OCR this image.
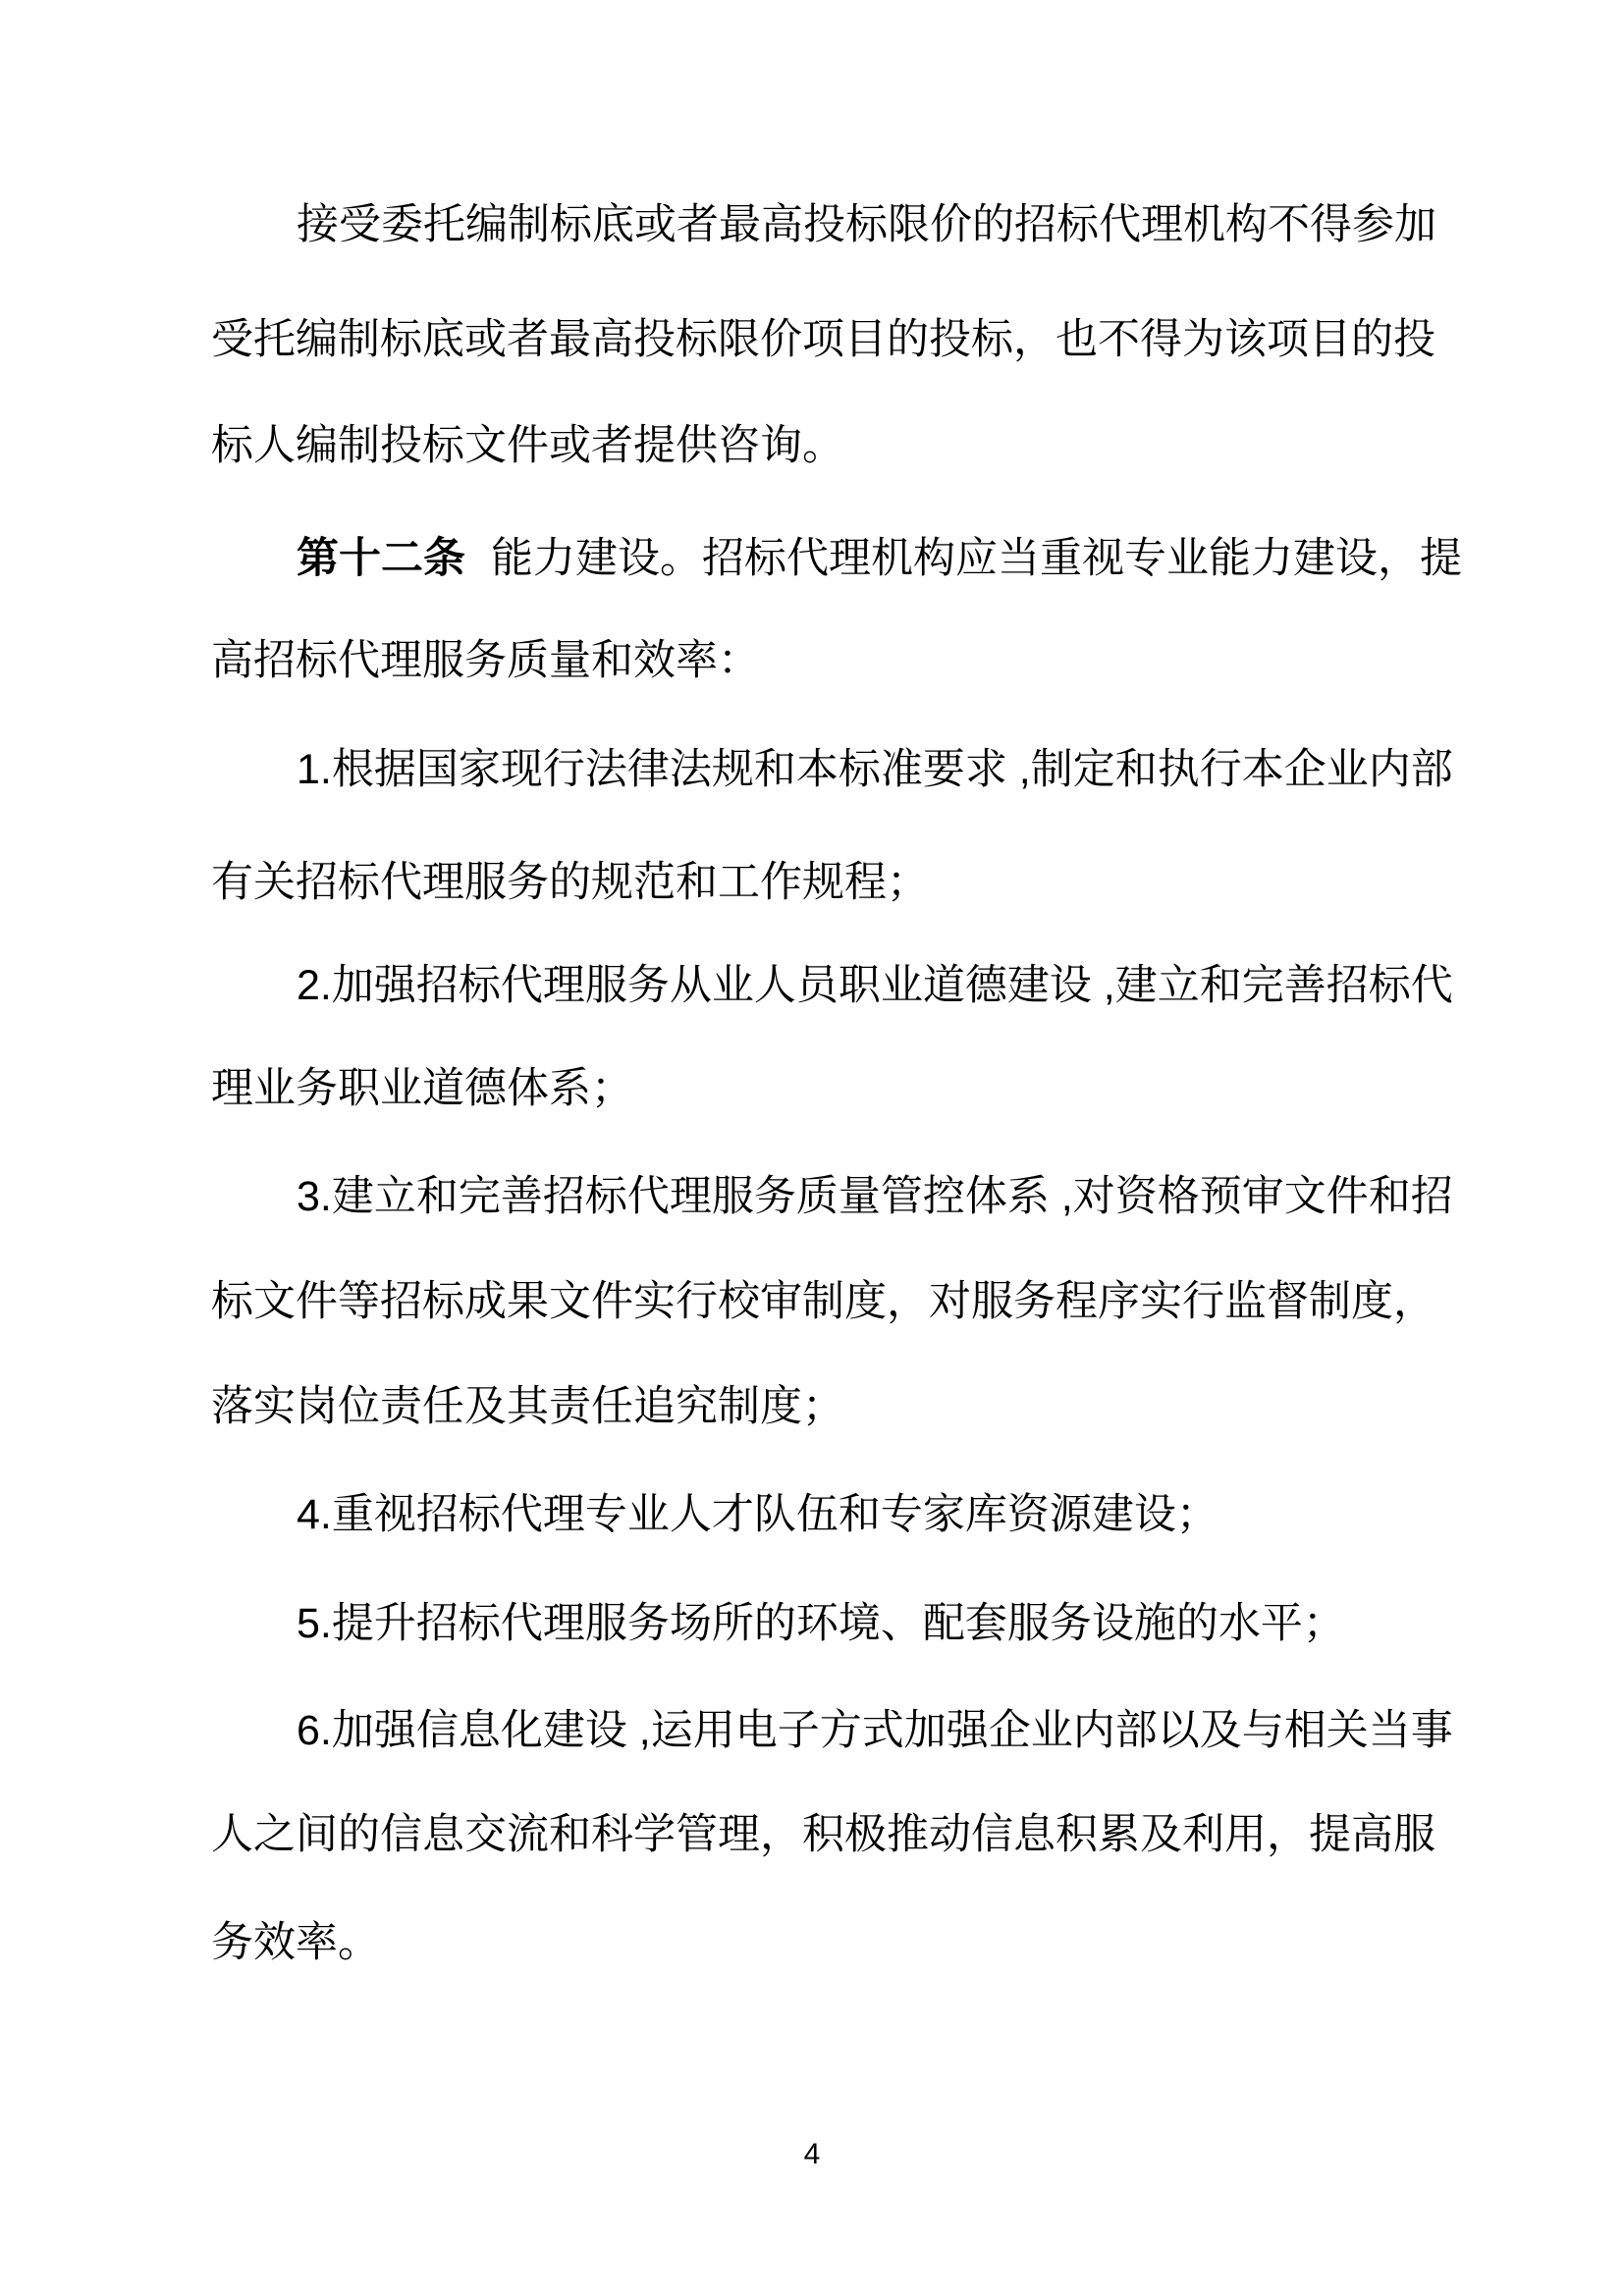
接受委托编制标底或者最高投标限价的招标代理机构不得参加
受托编制标底或者最高投标限价项目的投标，也不得为该项目的投
标人编制投标文件或者提供咨询。
第十二条 能力建设。招标代理机构应当重视专业能力建设，提
高招标代理服务质量和效率：
1.根据国家现行法律法规和本标准要求 ,制定和执行本企业内部
有关招标代理服务的规范和工作规程；
2.加强招标代理服务从业人员职业道德建设 ,建立和完善招标代
理业务职业道德体系；
3.建立和完善招标代理服务质量管控体系 ,对资格预审文件和招
标文件等招标成果文件实行校审制度，对服务程序实行监督制度，
落实岗位责任及其责任追究制度；
4.重视招标代理专业人才队伍和专家库资源建设；
5.提升招标代理服务场所的环境、配套服务设施的水平；
6.加强信息化建设 ,运用电子方式加强企业内部以及与相关当事
人之间的信息交流和科学管理，积极推动信息积累及利用，提高服
务效率。
4
